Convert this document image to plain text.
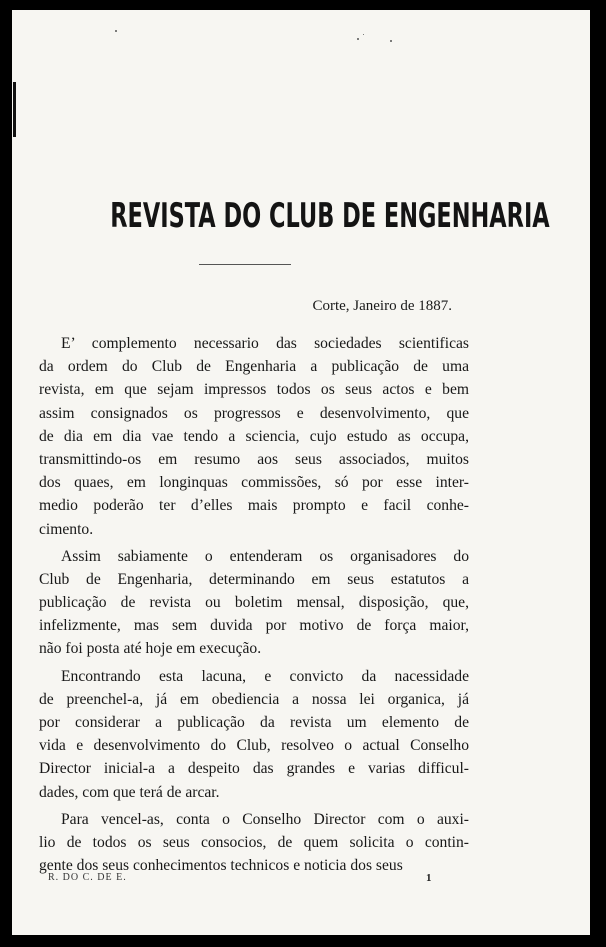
REVISTA DO CLUB DE ENGENHARIA
Corte, Janeiro de 1887.
E’ complemento necessario das sociedades scientificas
da ordem do Club de Engenharia a publicação de uma
revista, em que sejam impressos todos os seus actos e bem
assim consignados os progressos e desenvolvimento, que
de dia em dia vae tendo a sciencia, cujo estudo as occupa,
transmittindo-os em resumo aos seus associados, muitos
dos quaes, em longinquas commissões, só por esse inter-
medio poderão ter d’elles mais prompto e facil conhe-
cimento.
Assim sabiamente o entenderam os organisadores do
Club de Engenharia, determinando em seus estatutos a
publicação de revista ou boletim mensal, disposição, que,
infelizmente, mas sem duvida por motivo de força maior,
não foi posta até hoje em execução.
Encontrando esta lacuna, e convicto da nacessidade
de preenchel-a, já em obediencia a nossa lei organica, já
por considerar a publicação da revista um elemento de
vida e desenvolvimento do Club, resolveo o actual Conselho
Director inicial-a a despeito das grandes e varias difficul-
dades, com que terá de arcar.
Para vencel-as, conta o Conselho Director com o auxi-
lio de todos os seus consocios, de quem solicita o contin-
gente dos seus conhecimentos technicos e noticia dos seus
R. DO C. DE E.	1
